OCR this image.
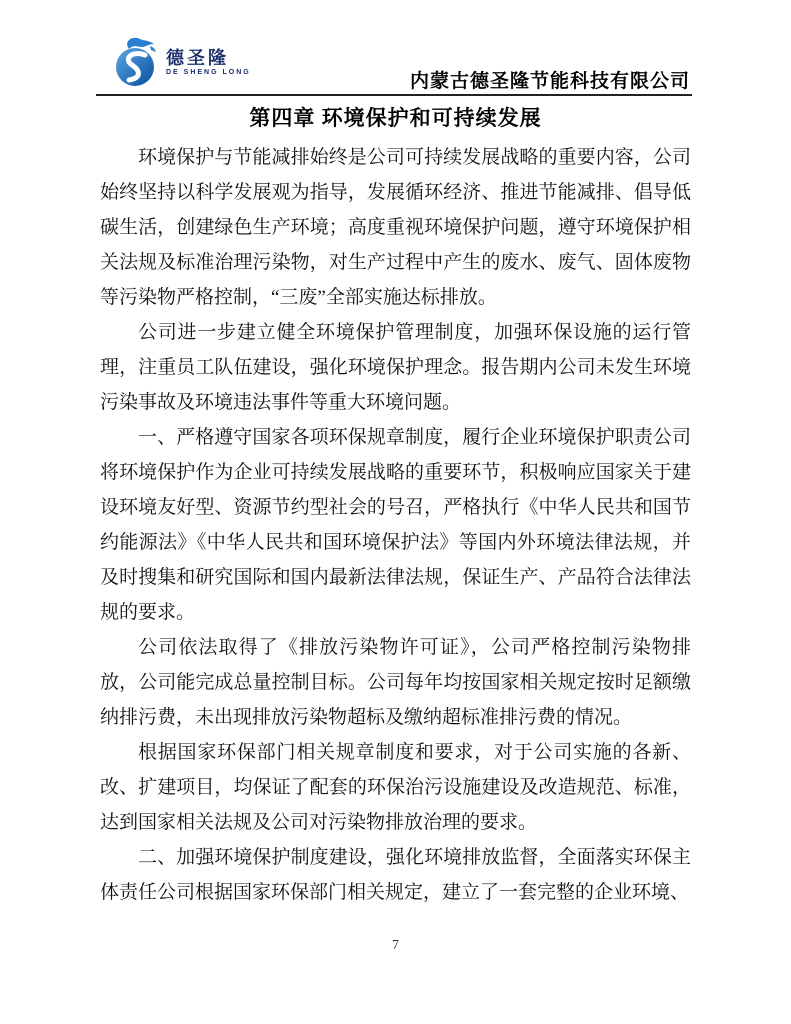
德圣隆
DE SHENG LONG	内蒙古德圣隆节能科技有限公司
第四章 环境保护和可持续发展

环境保护与节能减排始终是公司可持续发展战略的重要内容，公司始终坚持以科学发展观为指导，发展循环经济、推进节能减排、倡导低碳生活，创建绿色生产环境；高度重视环境保护问题，遵守环境保护相关法规及标准治理污染物，对生产过程中产生的废水、废气、固体废物等污染物严格控制，“三废”全部实施达标排放。

公司进一步建立健全环境保护管理制度，加强环保设施的运行管理，注重员工队伍建设，强化环境保护理念。报告期内公司未发生环境污染事故及环境违法事件等重大环境问题。

一、严格遵守国家各项环保规章制度，履行企业环境保护职责公司将环境保护作为企业可持续发展战略的重要环节，积极响应国家关于建设环境友好型、资源节约型社会的号召，严格执行《中华人民共和国节约能源法》《中华人民共和国环境保护法》等国内外环境法律法规，并及时搜集和研究国际和国内最新法律法规，保证生产、产品符合法律法规的要求。

公司依法取得了《排放污染物许可证》，公司严格控制污染物排放，公司能完成总量控制目标。公司每年均按国家相关规定按时足额缴纳排污费，未出现排放污染物超标及缴纳超标准排污费的情况。

根据国家环保部门相关规章制度和要求，对于公司实施的各新、改、扩建项目，均保证了配套的环保治污设施建设及改造规范、标准，达到国家相关法规及公司对污染物排放治理的要求。

二、加强环境保护制度建设，强化环境排放监督，全面落实环保主体责任公司根据国家环保部门相关规定，建立了一套完整的企业环境、

7
